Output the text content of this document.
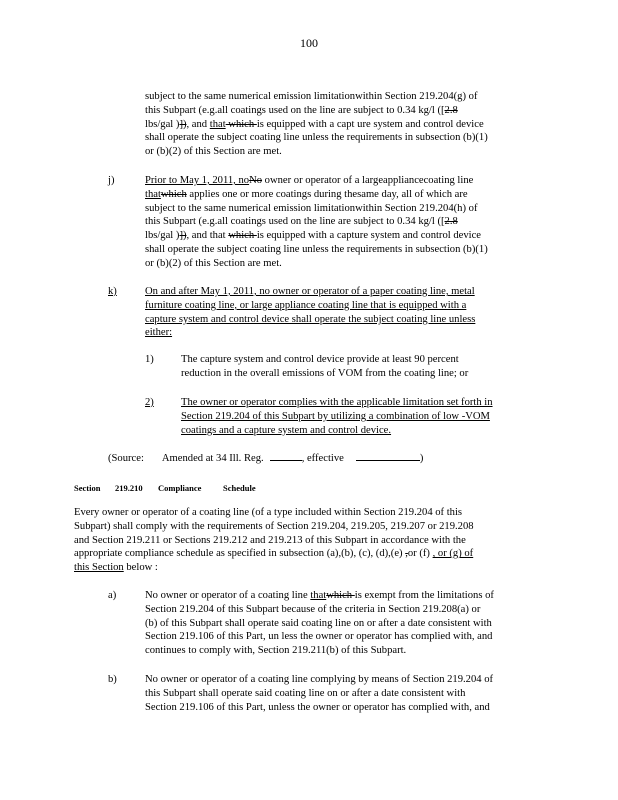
100
subject to the same numerical emission limitationwithin Section 219.204(g) of
this Subpart (e.g.all coatings used on the line are subject to 0.34 kg/l ([2.8
lbs/gal )]), and that which is equipped with a capt ure system and control device
shall operate the subject coating line unless the requirements in subsection (b)(1)
or (b)(2) of this Section are met.
j)	Prior to May 1, 2011, noNo owner or operator of a largeappliancecoating line
thatwhich applies one or more coatings during thesame day, all of which are
subject to the same numerical emission limitationwithin Section 219.204(h) of
this Subpart (e.g.all coatings used on the line are subject to 0.34 kg/l ([2.8
lbs/gal )]), and that which is equipped with a capture system and control device
shall operate the subject coating line unless the requirements in subsection (b)(1)
or (b)(2) of this Section are met.
k)	On and after May 1, 2011, no owner or operator of a paper coating line, metal
furniture coating line, or large appliance coating line that is equipped with a
capture system and control device shall operate the subject coating line unless
either:
1)	The capture system and control device provide at least 90 percent
reduction in the overall emissions of VOM from the coating line; or
2)	The owner or operator complies with the applicable limitation set forth in
Section 219.204 of this Subpart by utilizing a combination of low -VOM
coatings and a capture system and control device.
(Source: Amended at 34 Ill. Reg.	, effective	)
Section 219.210 Compliance	Schedule
Every owner or operator of a coating line (of a type included within Section 219.204 of this
Subpart) shall comply with the requirements of Section 219.204, 219.205, 219.207 or 219.208
and Section 219.211 or Sections 219.212 and 219.213 of this Subpart in accordance with the
appropriate compliance schedule as specified in subsection (a),(b), (c), (d),(e) ,or (f) , or (g) of
this Section below :
a)	No owner or operator of a coating line thatwhich is exempt from the limitations of
Section 219.204 of this Subpart because of the criteria in Section 219.208(a) or
(b) of this Subpart shall operate said coating line on or after a date consistent with
Section 219.106 of this Part, un less the owner or operator has complied with, and
continues to comply with, Section 219.211(b) of this Subpart.
b)	No owner or operator of a coating line complying by means of Section 219.204 of
this Subpart shall operate said coating line on or after a date consistent with
Section 219.106 of this Part, unless the owner or operator has complied with, and
